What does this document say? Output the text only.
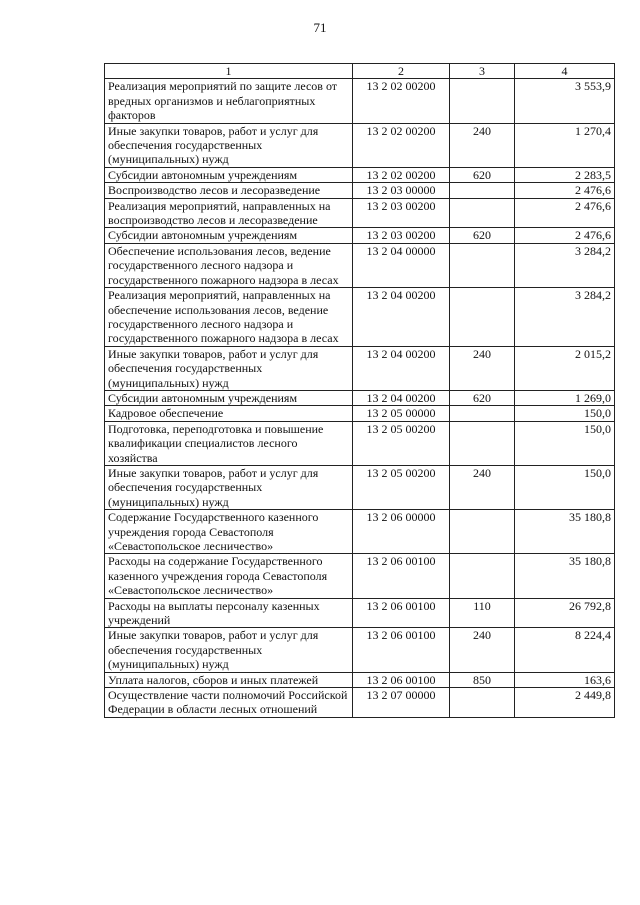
71
1	2	3	4
Реализация мероприятий по защите лесов от вредных организмов и неблагоприятных факторов	13 2 02 00200		3 553,9
Иные закупки товаров, работ и услуг для обеспечения государственных (муниципальных) нужд	13 2 02 00200	240	1 270,4
Субсидии автономным учреждениям	13 2 02 00200	620	2 283,5
Воспроизводство лесов и лесоразведение	13 2 03 00000		2 476,6
Реализация мероприятий, направленных на воспроизводство лесов и лесоразведение	13 2 03 00200		2 476,6
Субсидии автономным учреждениям	13 2 03 00200	620	2 476,6
Обеспечение использования лесов, ведение государственного лесного надзора и государственного пожарного надзора в лесах	13 2 04 00000		3 284,2
Реализация мероприятий, направленных на обеспечение использования лесов, ведение государственного лесного надзора и государственного пожарного надзора в лесах	13 2 04 00200		3 284,2
Иные закупки товаров, работ и услуг для обеспечения государственных (муниципальных) нужд	13 2 04 00200	240	2 015,2
Субсидии автономным учреждениям	13 2 04 00200	620	1 269,0
Кадровое обеспечение	13 2 05 00000		150,0
Подготовка, переподготовка и повышение квалификации специалистов лесного хозяйства	13 2 05 00200		150,0
Иные закупки товаров, работ и услуг для обеспечения государственных (муниципальных) нужд	13 2 05 00200	240	150,0
Содержание Государственного казенного учреждения города Севастополя «Севастопольское лесничество»	13 2 06 00000		35 180,8
Расходы на содержание Государственного казенного учреждения города Севастополя «Севастопольское лесничество»	13 2 06 00100		35 180,8
Расходы на выплаты персоналу казенных учреждений	13 2 06 00100	110	26 792,8
Иные закупки товаров, работ и услуг для обеспечения государственных (муниципальных) нужд	13 2 06 00100	240	8 224,4
Уплата налогов, сборов и иных платежей	13 2 06 00100	850	163,6
Осуществление части полномочий Российской Федерации в области лесных отношений	13 2 07 00000		2 449,8
